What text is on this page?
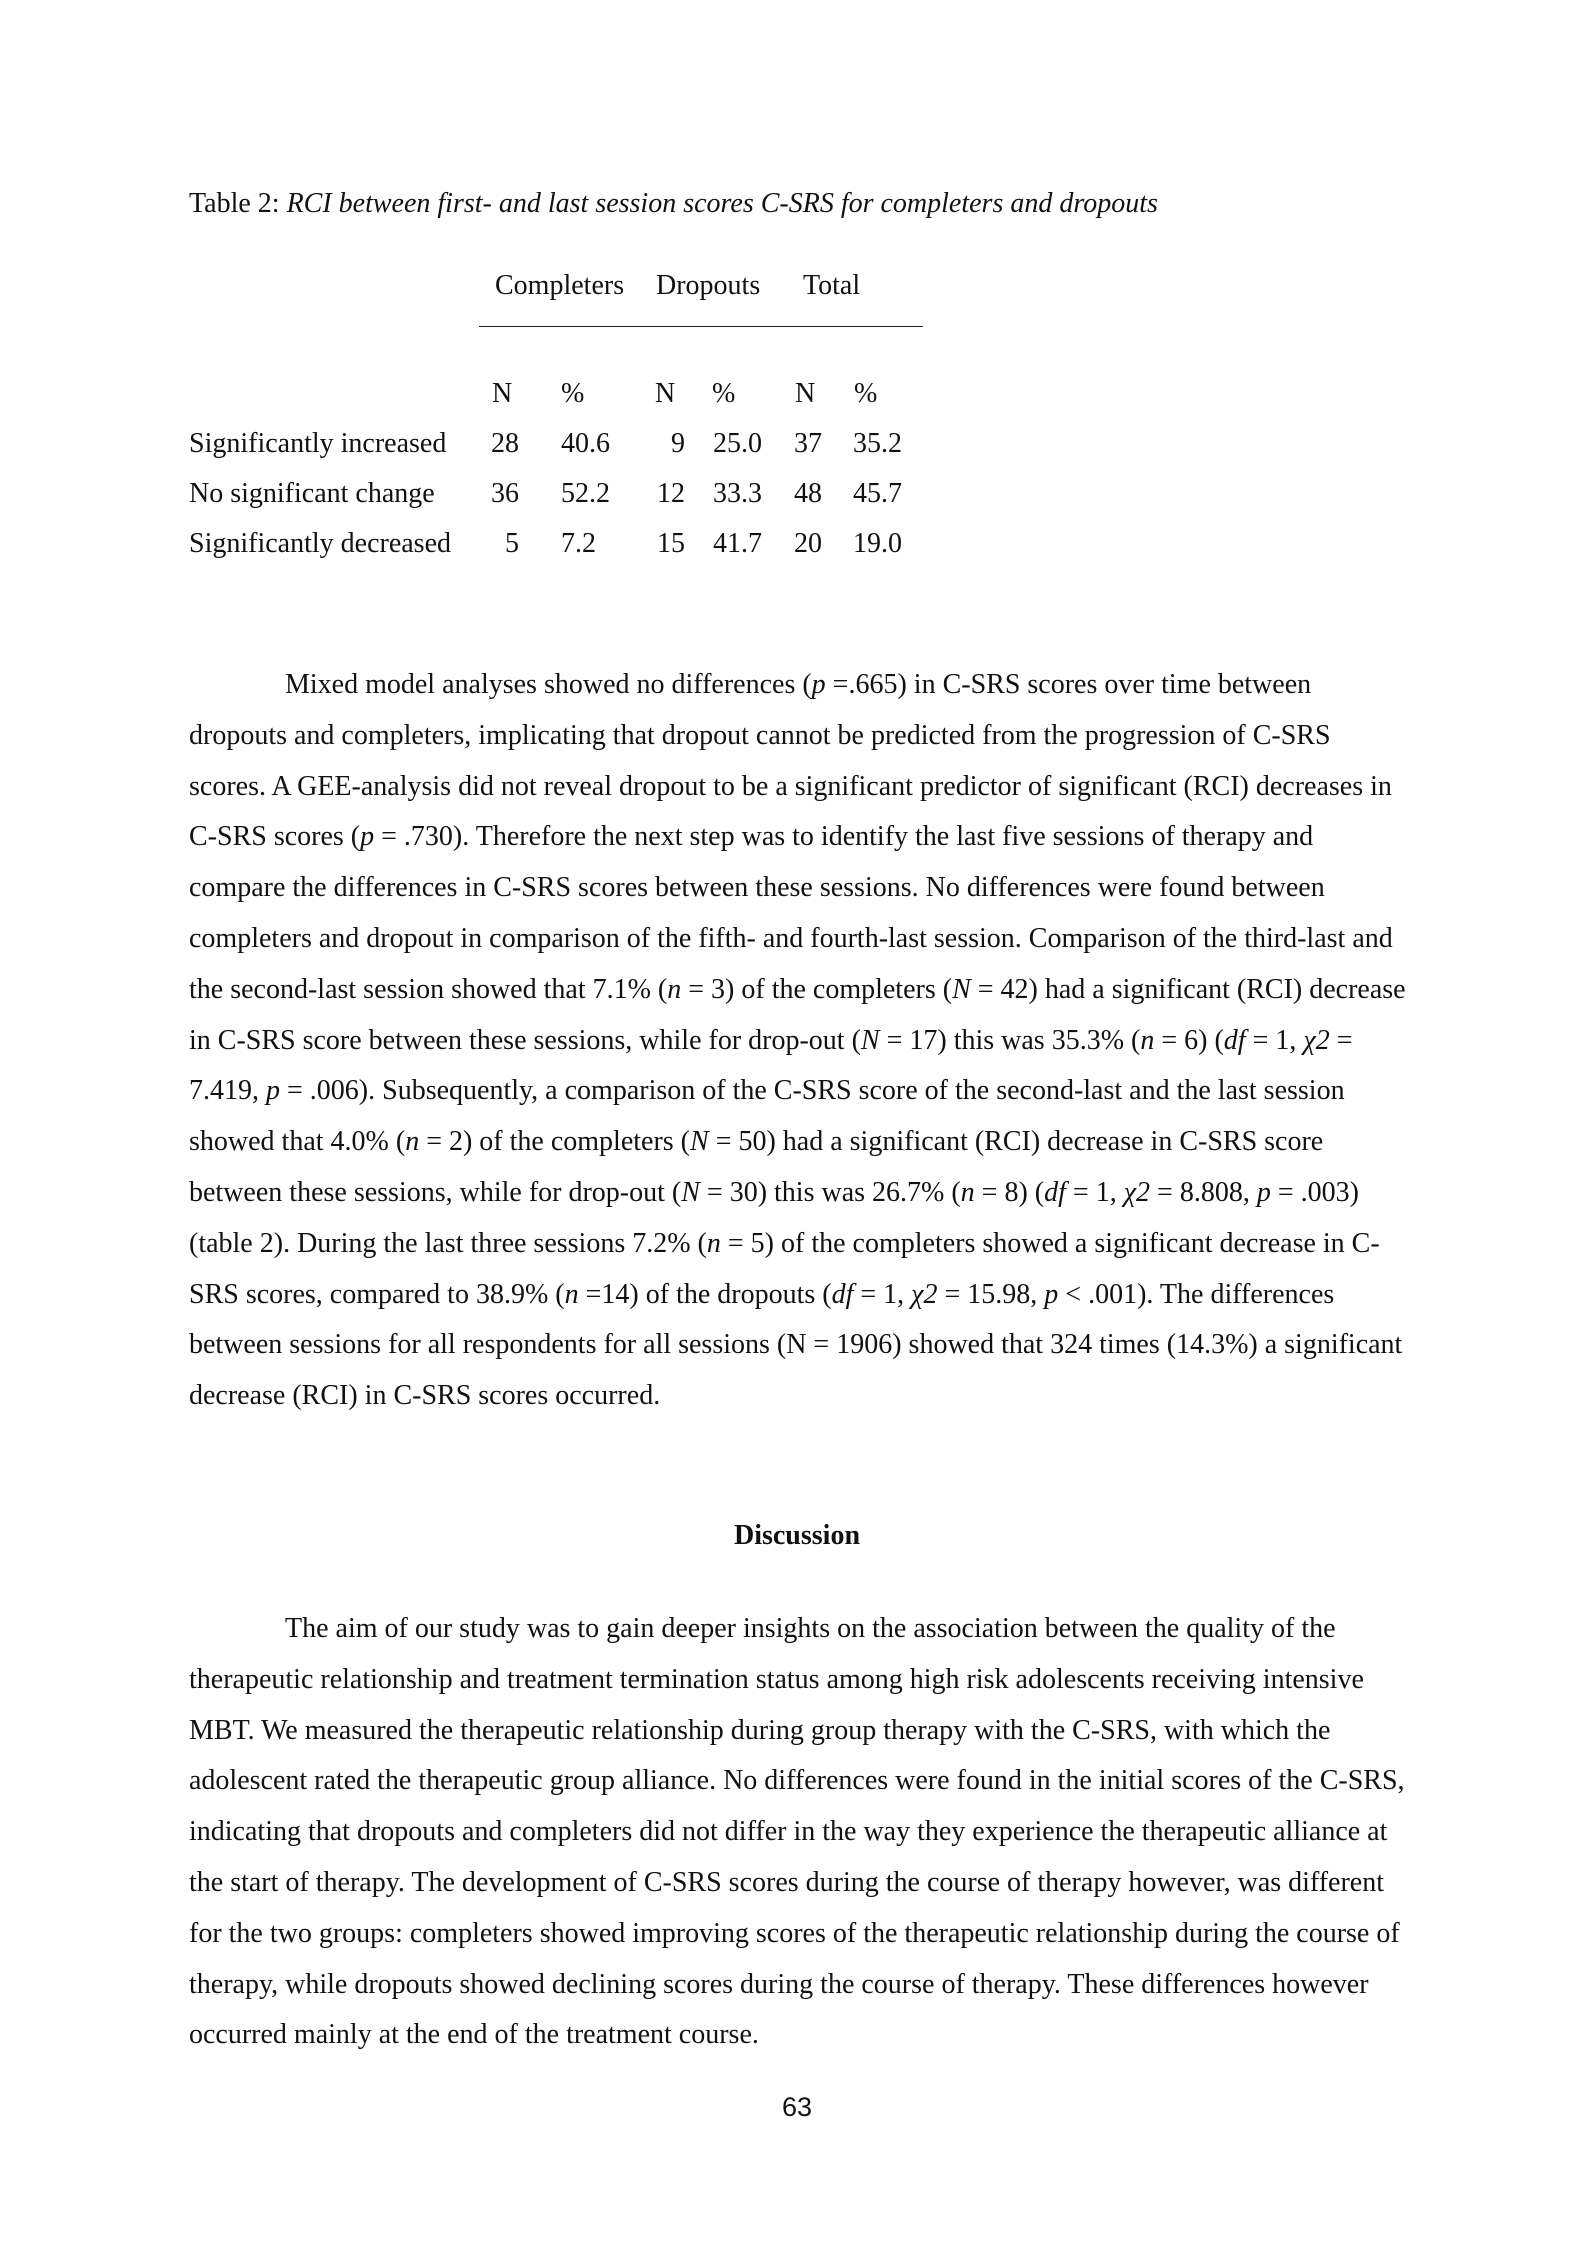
Table 2: RCI between first- and last session scores C-SRS for completers and dropouts
Completers Dropouts Total
N %	N % N %
Significantly increased 28 40.6 9 25.0 37 35.2
No significant change 36 52.2 12 33.3 48 45.7
Significantly decreased 5 7.2 15 41.7 20 19.0

Mixed model analyses showed no differences (p =.665) in C-SRS scores over time between dropouts and completers, implicating that dropout cannot be predicted from the progression of C-SRS scores. A GEE-analysis did not reveal dropout to be a significant predictor of significant (RCI) decreases in C-SRS scores (p = .730). Therefore the next step was to identify the last five sessions of therapy and compare the differences in C-SRS scores between these sessions. No differences were found between completers and dropout in comparison of the fifth- and fourth-last session. Comparison of the third-last and the second-last session showed that 7.1% (n = 3) of the completers (N = 42) had a significant (RCI) decrease in C-SRS score between these sessions, while for drop-out (N = 17) this was 35.3% (n = 6) (df = 1, χ2 = 7.419, p = .006). Subsequently, a comparison of the C-SRS score of the second-last and the last session showed that 4.0% (n = 2) of the completers (N = 50) had a significant (RCI) decrease in C-SRS score between these sessions, while for drop-out (N = 30) this was 26.7% (n = 8) (df = 1, χ2 = 8.808, p = .003) (table 2). During the last three sessions 7.2% (n = 5) of the completers showed a significant decrease in C-SRS scores, compared to 38.9% (n =14) of the dropouts (df = 1, χ2 = 15.98, p < .001). The differences between sessions for all respondents for all sessions (N = 1906) showed that 324 times (14.3%) a significant decrease (RCI) in C-SRS scores occurred.

Discussion

The aim of our study was to gain deeper insights on the association between the quality of the therapeutic relationship and treatment termination status among high risk adolescents receiving intensive MBT. We measured the therapeutic relationship during group therapy with the C-SRS, with which the adolescent rated the therapeutic group alliance. No differences were found in the initial scores of the C-SRS, indicating that dropouts and completers did not differ in the way they experience the therapeutic alliance at the start of therapy. The development of C-SRS scores during the course of therapy however, was different for the two groups: completers showed improving scores of the therapeutic relationship during the course of therapy, while dropouts showed declining scores during the course of therapy. These differences however occurred mainly at the end of the treatment course.

63
